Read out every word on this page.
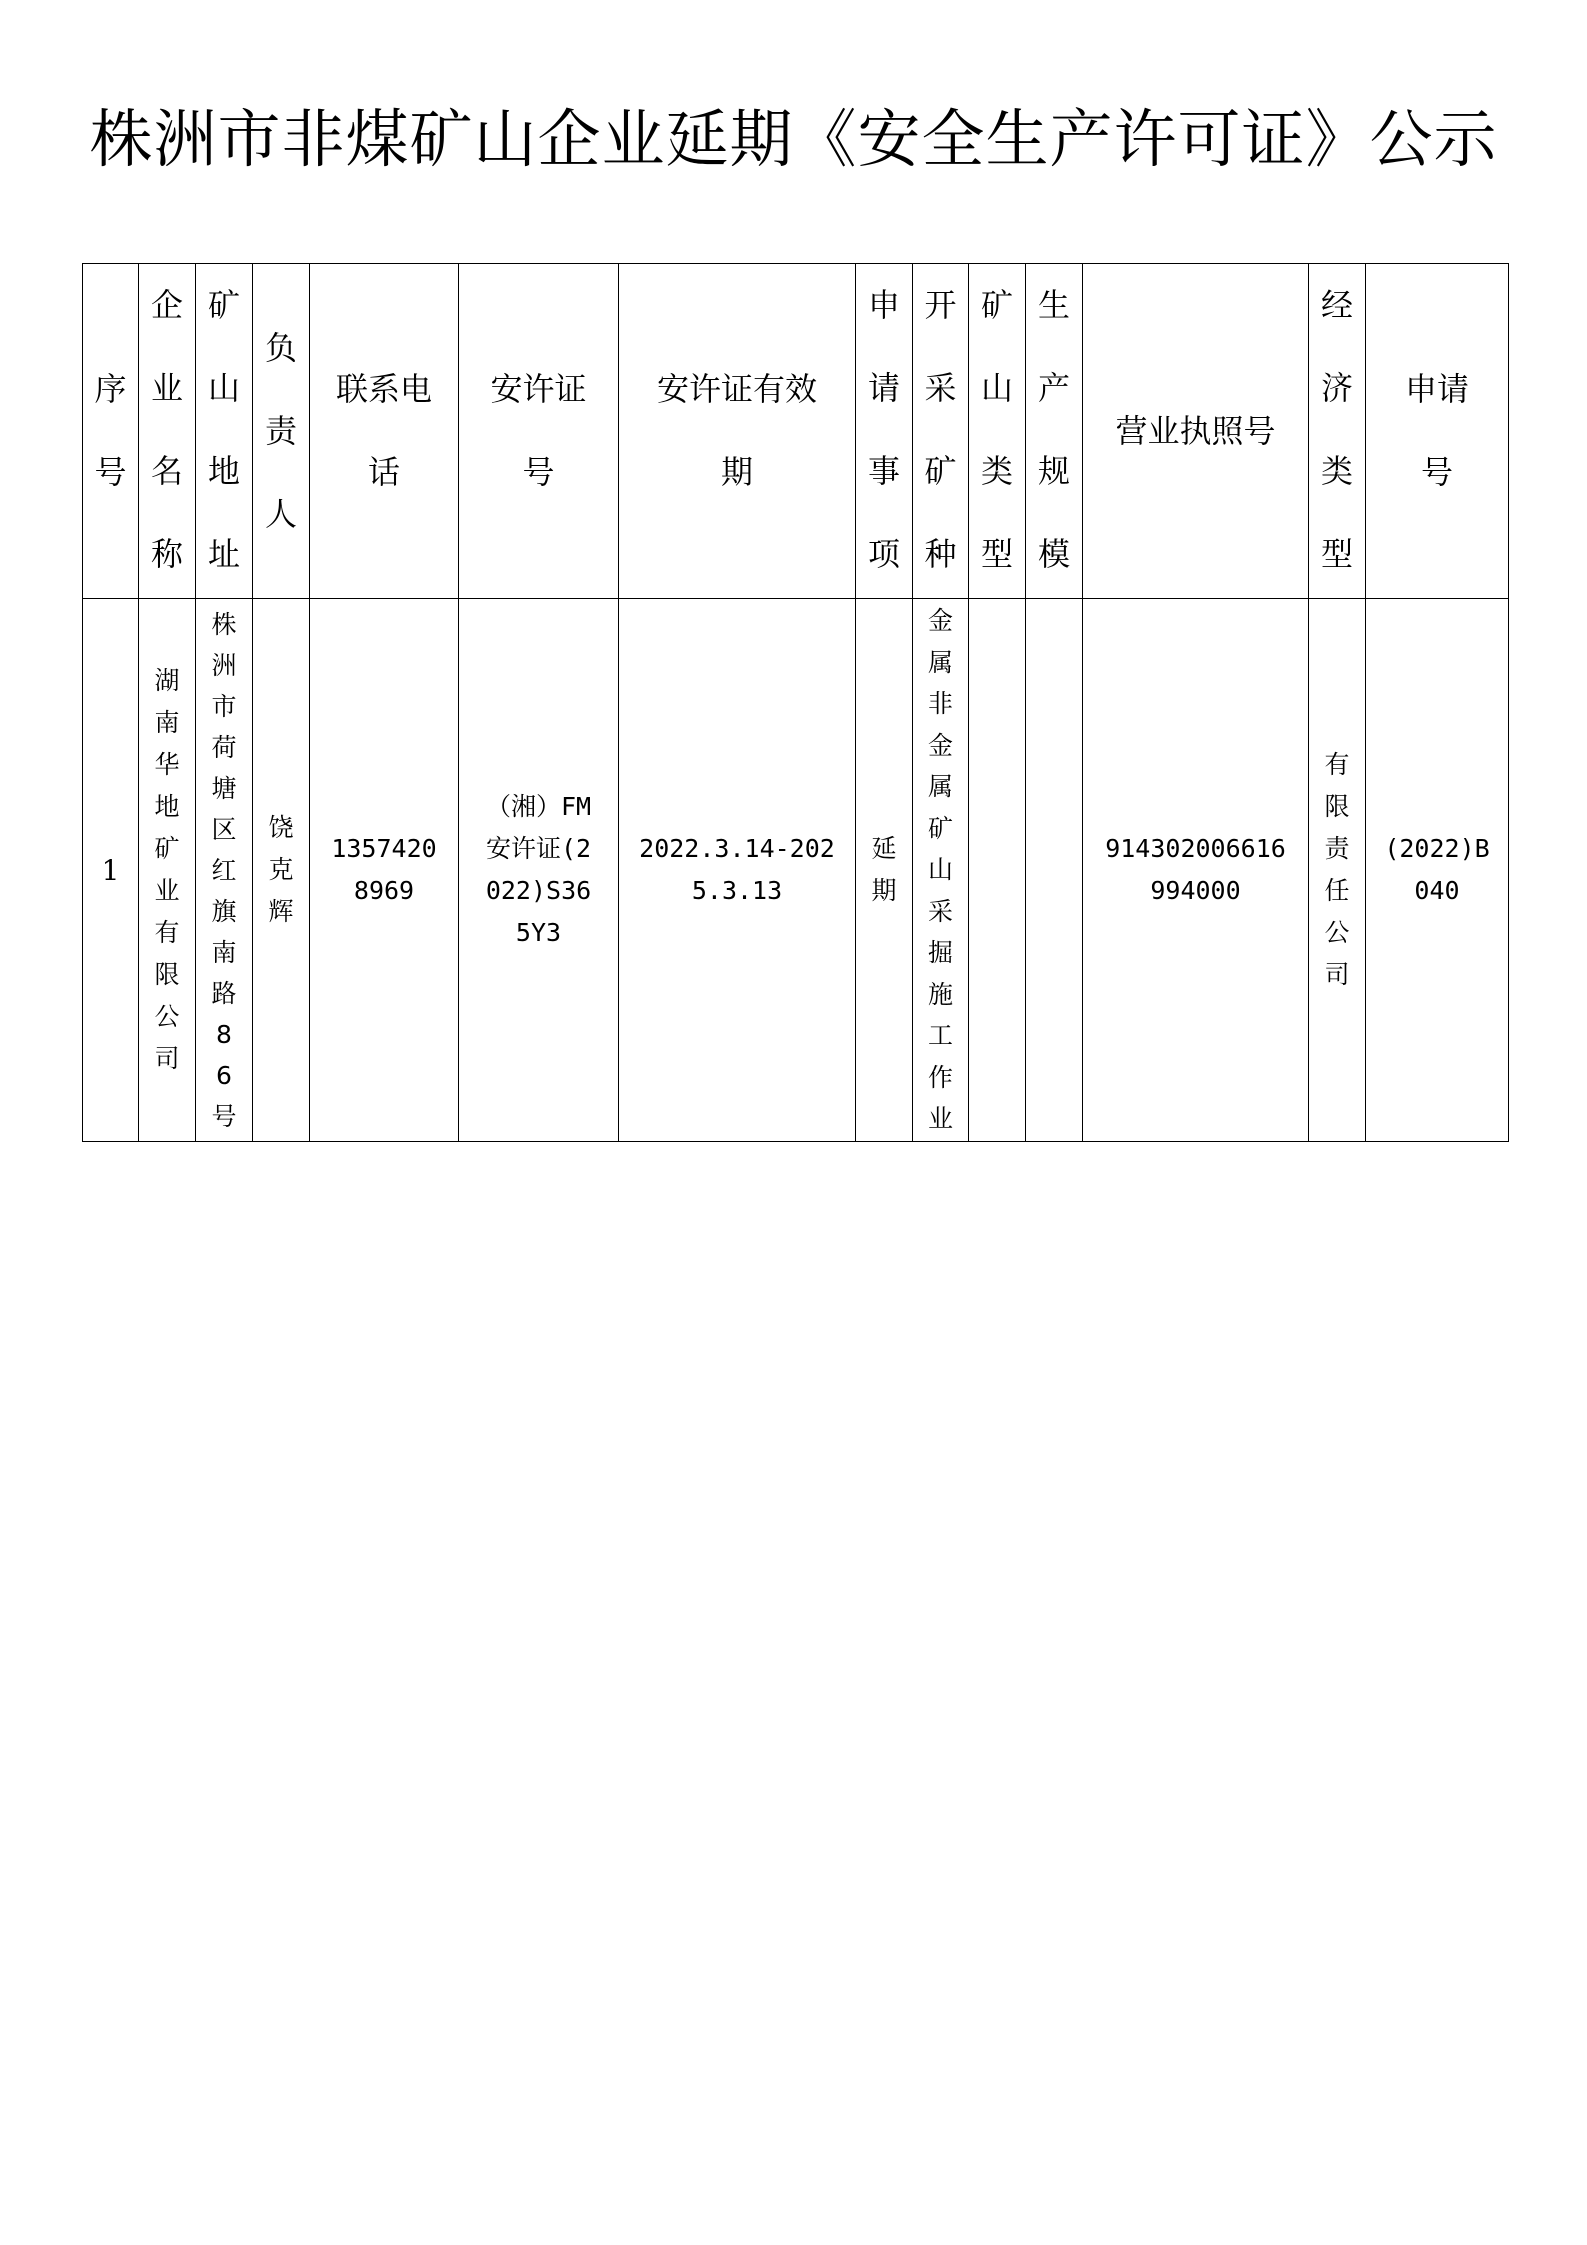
株洲市非煤矿山企业延期《安全生产许可证》公示
序号	企业名称	矿山地址	负责人	联系电话	安许证号	安许证有效期	申请事项	开采矿种	矿山类型	生产规模	营业执照号	经济类型	申请号
1	湖南华地矿业有限公司	株洲市荷塘区红旗南路86号	饶克辉	13574208969	（湘）FM安许证(2022)S365Y3	2022.3.14-2025.3.13	延期	金属非金属矿山采掘施工作业			914302006616994000	有限责任公司	(2022)B040
